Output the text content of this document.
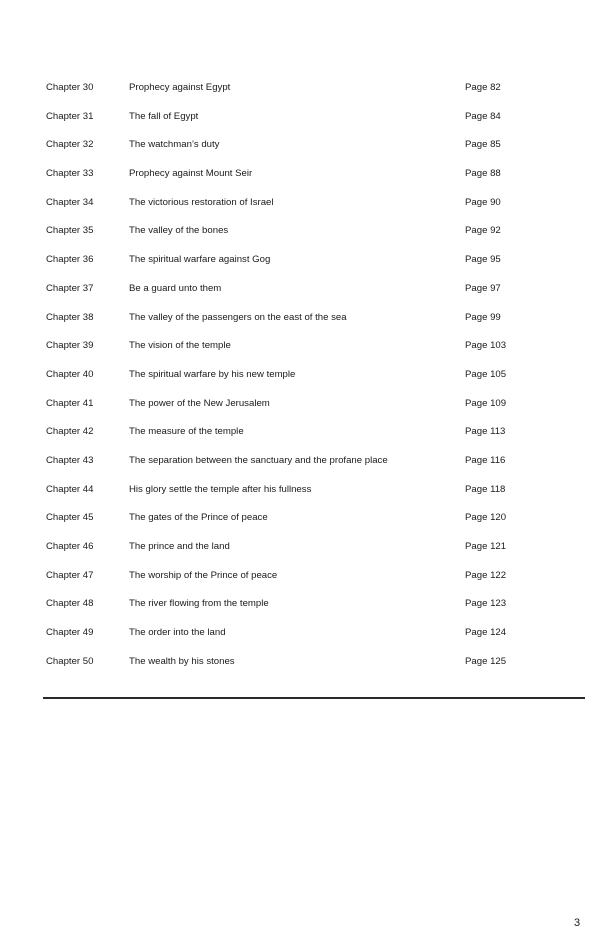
Chapter 30	Prophecy against Egypt	Page 82
Chapter 31	The fall of Egypt	Page 84
Chapter 32	The watchman’s duty	Page 85
Chapter 33	Prophecy against Mount Seir	Page 88
Chapter 34	The victorious restoration of Israel	Page 90
Chapter 35	The valley of the bones	Page 92
Chapter 36	The spiritual warfare against Gog	Page 95
Chapter 37	Be a guard unto them	Page 97
Chapter 38	The valley of the passengers on the east of the sea	Page 99
Chapter 39	The vision of the temple	Page 103
Chapter 40	The spiritual warfare by his new temple	Page 105
Chapter 41	The power of the New Jerusalem	Page 109
Chapter 42	The measure of the temple	Page 113
Chapter 43	The separation between the sanctuary and the profane place	Page 116
Chapter 44	His glory settle the temple after his fullness	Page 118
Chapter 45	The gates of the Prince of peace	Page 120
Chapter 46	The prince and the land	Page 121
Chapter 47	The worship of the Prince of peace	Page 122
Chapter 48	The river flowing from the temple	Page 123
Chapter 49	The order into the land	Page 124
Chapter 50	The wealth by his stones	Page 125
3
